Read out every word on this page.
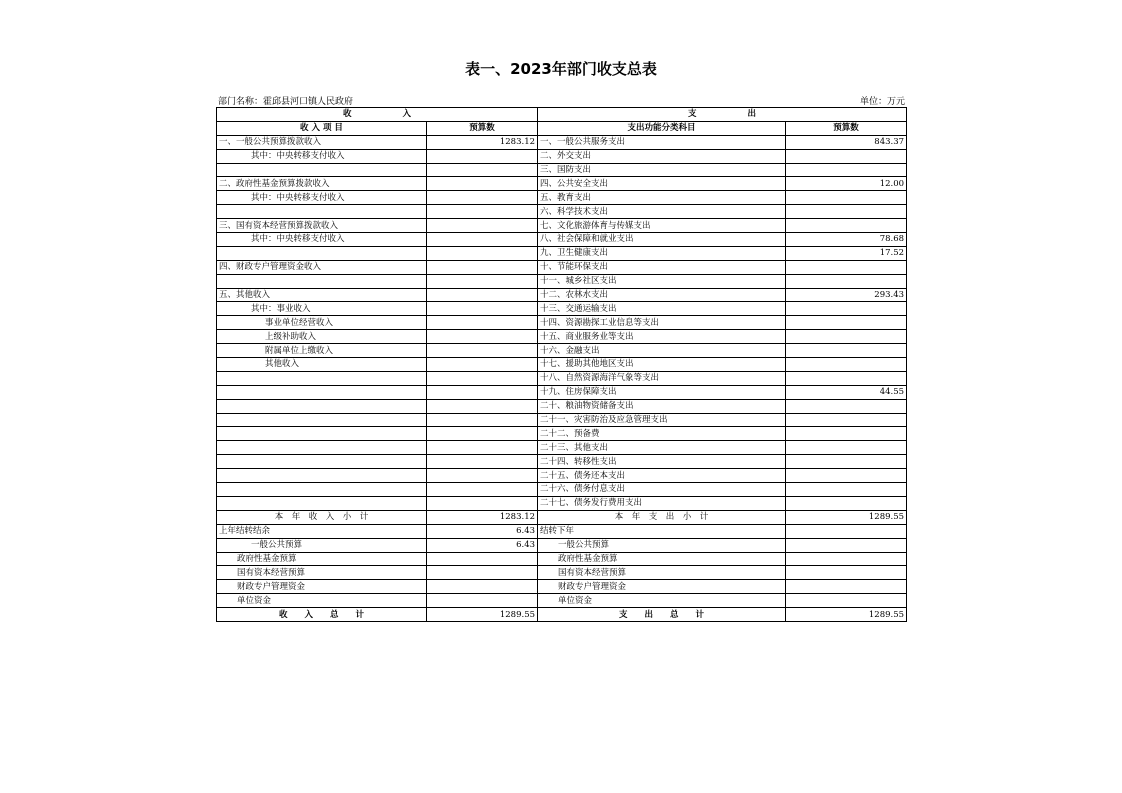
表一、2023年部门收支总表
部门名称：霍邱县河口镇人民政府	单位：万元
收　　　　　　入		支　　　　　　出	
收 入 项 目	预算数	支出功能分类科目	预算数
一、一般公共预算拨款收入	1283.12	一、一般公共服务支出	843.37
其中：中央转移支付收入		二、外交支出	
		三、国防支出	
二、政府性基金预算拨款收入		四、公共安全支出	12.00
其中：中央转移支付收入		五、教育支出	
		六、科学技术支出	
三、国有资本经营预算拨款收入		七、文化旅游体育与传媒支出	
其中：中央转移支付收入		八、社会保障和就业支出	78.68
		九、卫生健康支出	17.52
四、财政专户管理资金收入		十、节能环保支出	
		十一、城乡社区支出	
五、其他收入		十二、农林水支出	293.43
其中：事业收入		十三、交通运输支出	
事业单位经营收入		十四、资源勘探工业信息等支出	
上级补助收入		十五、商业服务业等支出	
附属单位上缴收入		十六、金融支出	
其他收入		十七、援助其他地区支出	
		十八、自然资源海洋气象等支出	
		十九、住房保障支出	44.55
		二十、粮油物资储备支出	
		二十一、灾害防治及应急管理支出	
		二十二、预备费	
		二十三、其他支出	
		二十四、转移性支出	
		二十五、债务还本支出	
		二十六、债务付息支出	
		二十七、债务发行费用支出	
本　年　收　入　小　计	1283.12	本　年　支　出　小　计	1289.55
上年结转结余	6.43	结转下年	
一般公共预算	6.43	一般公共预算	
政府性基金预算		政府性基金预算	
国有资本经营预算		国有资本经营预算	
财政专户管理资金		财政专户管理资金	
单位资金		单位资金	
收　　入　　总　　计	1289.55	支　　出　　总　　计	1289.55
